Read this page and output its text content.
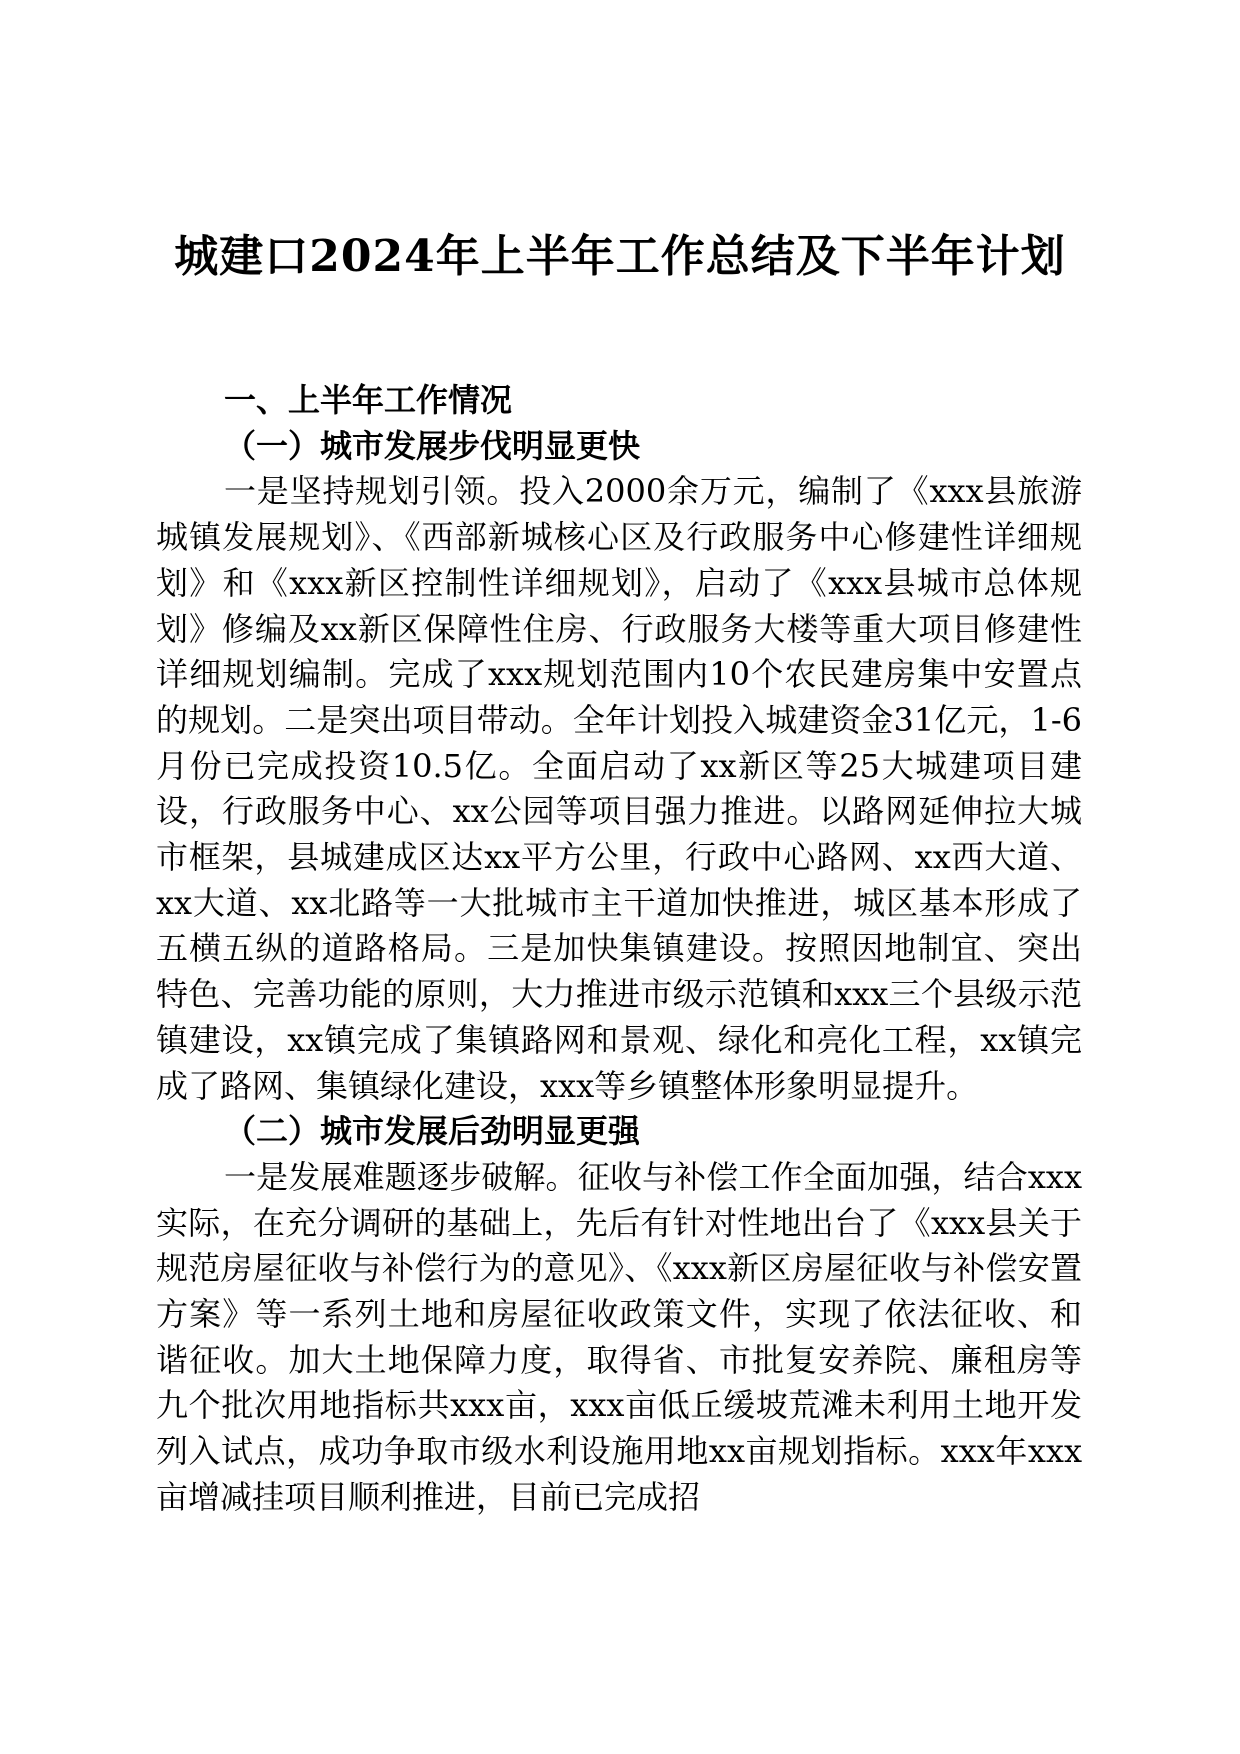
城建口2024年上半年工作总结及下半年计划

一、上半年工作情况

（一）城市发展步伐明显更快

一是坚持规划引领。投入2000余万元，编制了《xxx县旅游城镇发展规划》、《西部新城核心区及行政服务中心修建性详细规划》和《xxx新区控制性详细规划》，启动了《xxx县城市总体规划》修编及xx新区保障性住房、行政服务大楼等重大项目修建性详细规划编制。完成了xxx规划范围内10个农民建房集中安置点的规划。二是突出项目带动。全年计划投入城建资金31亿元，1-6月份已完成投资10.5亿。全面启动了xx新区等25大城建项目建设，行政服务中心、xx公园等项目强力推进。以路网延伸拉大城市框架，县城建成区达xx平方公里，行政中心路网、xx西大道、xx大道、xx北路等一大批城市主干道加快推进，城区基本形成了五横五纵的道路格局。三是加快集镇建设。按照因地制宜、突出特色、完善功能的原则，大力推进市级示范镇和xxx三个县级示范镇建设，xx镇完成了集镇路网和景观、绿化和亮化工程，xx镇完成了路网、集镇绿化建设，xxx等乡镇整体形象明显提升。

（二）城市发展后劲明显更强

一是发展难题逐步破解。征收与补偿工作全面加强，结合xxx实际，在充分调研的基础上，先后有针对性地出台了《xxx县关于规范房屋征收与补偿行为的意见》、《xxx新区房屋征收与补偿安置方案》等一系列土地和房屋征收政策文件，实现了依法征收、和谐征收。加大土地保障力度，取得省、市批复安养院、廉租房等九个批次用地指标共xxx亩，xxx亩低丘缓坡荒滩未利用土地开发列入试点，成功争取市级水利设施用地xx亩规划指标。xxx年xxx亩增减挂项目顺利推进，目前已完成招
